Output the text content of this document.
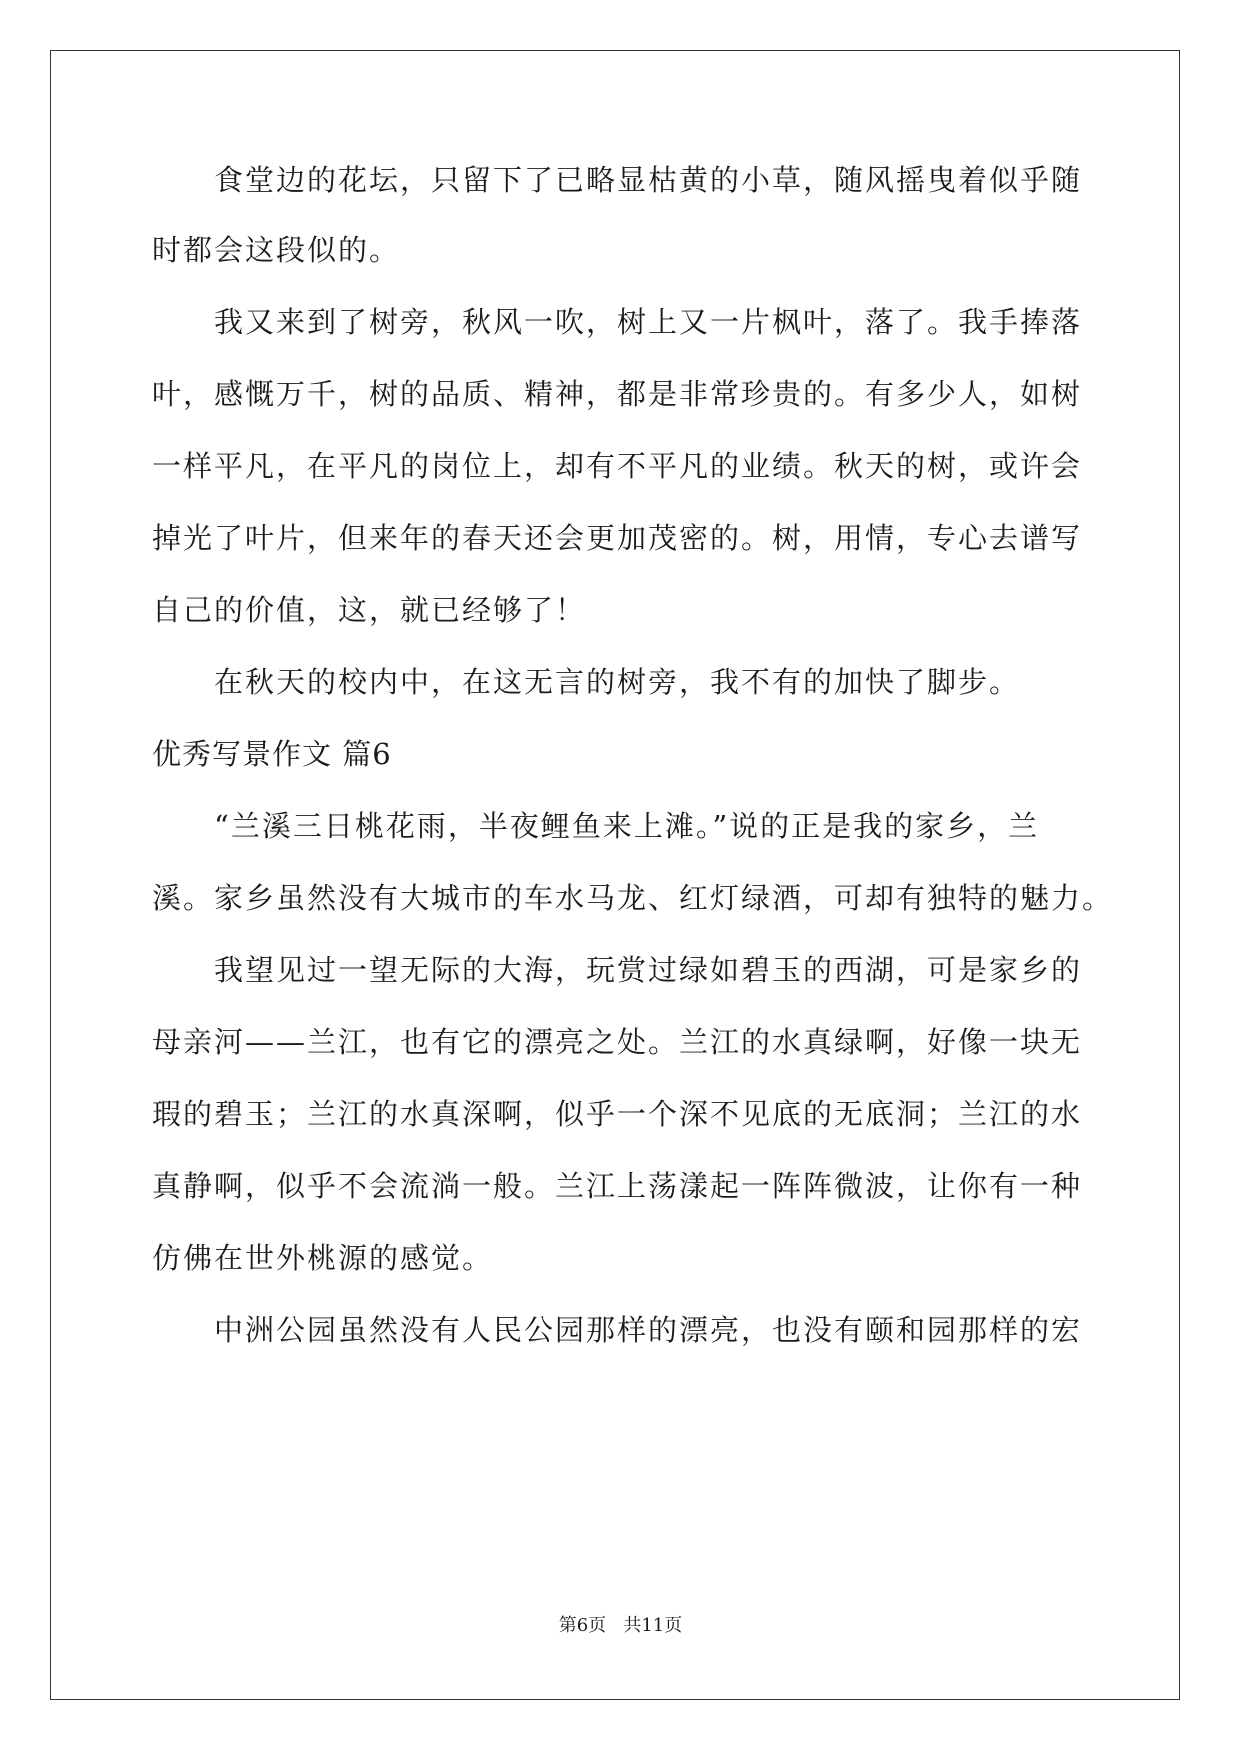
食堂边的花坛，只留下了已略显枯黄的小草，随风摇曳着似乎随
时都会这段似的。
我又来到了树旁，秋风一吹，树上又一片枫叶，落了。我手捧落
叶，感慨万千，树的品质、精神，都是非常珍贵的。有多少人，如树
一样平凡，在平凡的岗位上，却有不平凡的业绩。秋天的树，或许会
掉光了叶片，但来年的春天还会更加茂密的。树，用情，专心去谱写
自己的价值，这，就已经够了！
在秋天的校内中，在这无言的树旁，我不有的加快了脚步。
优秀写景作文 篇6
“兰溪三日桃花雨，半夜鲤鱼来上滩。”说的正是我的家乡，兰
溪。家乡虽然没有大城市的车水马龙、红灯绿酒，可却有独特的魅力。
我望见过一望无际的大海，玩赏过绿如碧玉的西湖，可是家乡的
母亲河——兰江，也有它的漂亮之处。兰江的水真绿啊，好像一块无
瑕的碧玉；兰江的水真深啊，似乎一个深不见底的无底洞；兰江的水
真静啊，似乎不会流淌一般。兰江上荡漾起一阵阵微波，让你有一种
仿佛在世外桃源的感觉。
中洲公园虽然没有人民公园那样的漂亮，也没有颐和园那样的宏
第6页   共11页
